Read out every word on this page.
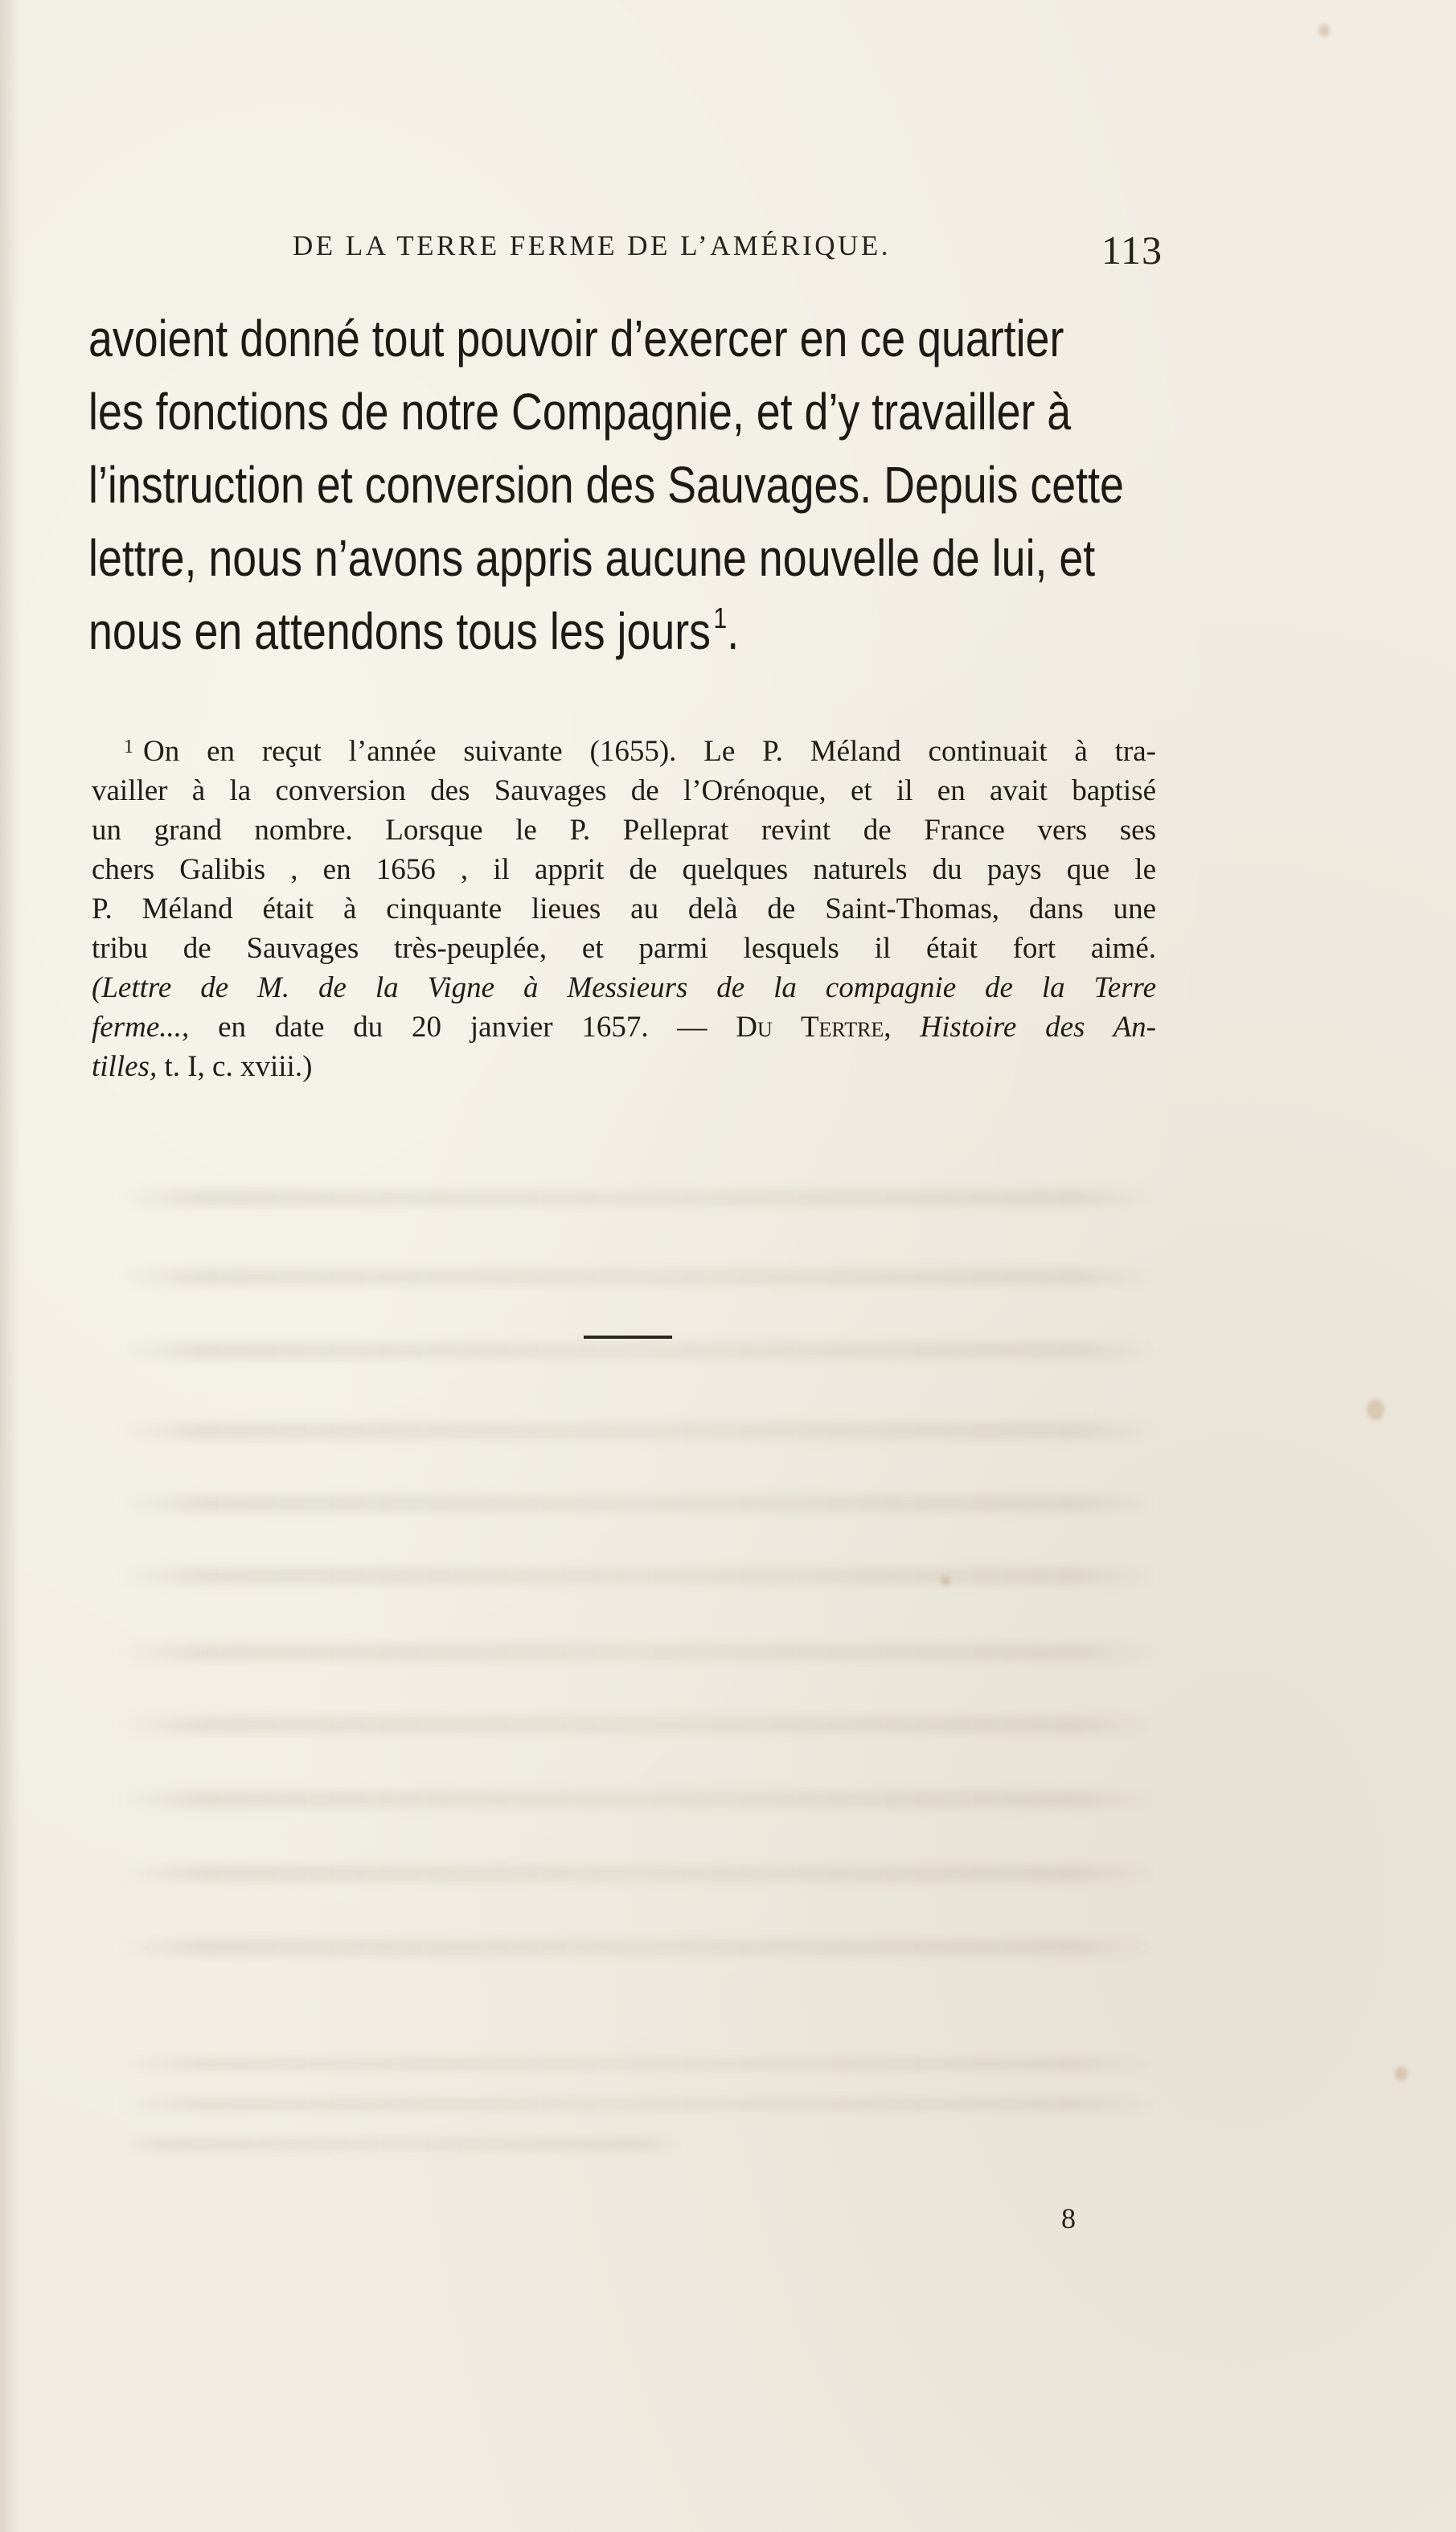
DE LA TERRE FERME DE L’AMÉRIQUE.	113
avoient donné tout pouvoir d’exercer en ce quartier
les fonctions de notre Compagnie, et d’y travailler à
l’instruction et conversion des Sauvages. Depuis cette
lettre, nous n’avons appris aucune nouvelle de lui, et
nous en attendons tous les jours$^1$.
$^1$ On en reçut l’année suivante (1655). Le P. Méland continuait à tra-
vailler à la conversion des Sauvages de l’Orénoque, et il en avait baptisé
un grand nombre. Lorsque le P. Pelleprat revint de France vers ses
chers Galibis , en 1656 , il apprit de quelques naturels du pays que le
P. Méland était à cinquante lieues au delà de Saint-Thomas, dans une
tribu de Sauvages très-peuplée, et parmi lesquels il était fort aimé.
(Lettre de M. de la Vigne à Messieurs de la compagnie de la Terre
ferme..., en date du 20 janvier 1657. — Du Tertre, Histoire des An-
tilles, t. I, c. xviii.)
8
